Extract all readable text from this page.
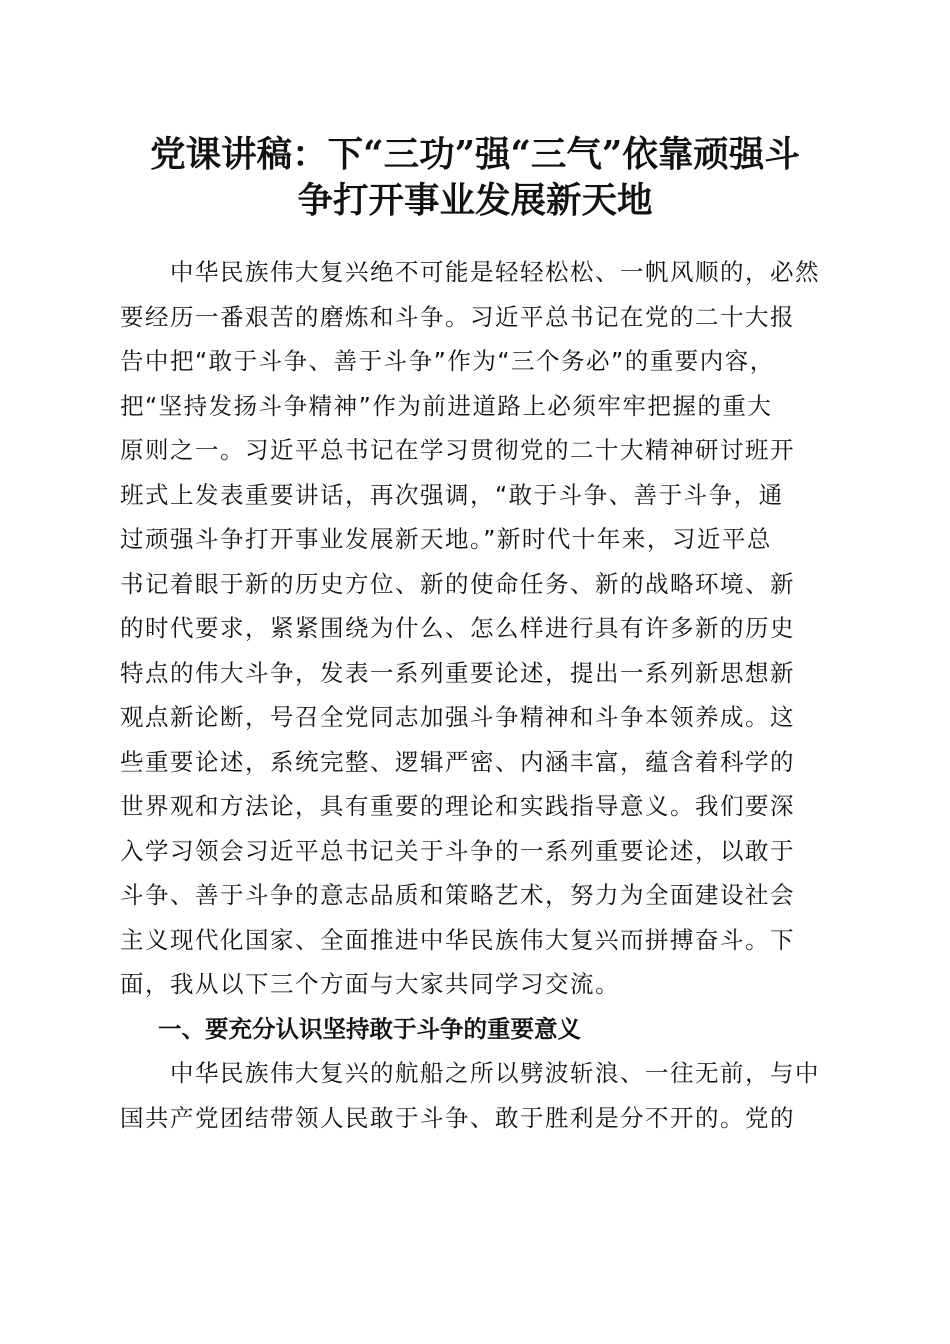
党课讲稿：下“三功”强“三气”依靠顽强斗
争打开事业发展新天地
　　中华民族伟大复兴绝不可能是轻轻松松、一帆风顺的，必然
要经历一番艰苦的磨炼和斗争。习近平总书记在党的二十大报
告中把“敢于斗争、善于斗争”作为“三个务必”的重要内容，
把“坚持发扬斗争精神”作为前进道路上必须牢牢把握的重大
原则之一。习近平总书记在学习贯彻党的二十大精神研讨班开
班式上发表重要讲话，再次强调，“敢于斗争、善于斗争，通
过顽强斗争打开事业发展新天地。”新时代十年来，习近平总
书记着眼于新的历史方位、新的使命任务、新的战略环境、新
的时代要求，紧紧围绕为什么、怎么样进行具有许多新的历史
特点的伟大斗争，发表一系列重要论述，提出一系列新思想新
观点新论断，号召全党同志加强斗争精神和斗争本领养成。这
些重要论述，系统完整、逻辑严密、内涵丰富，蕴含着科学的
世界观和方法论，具有重要的理论和实践指导意义。我们要深
入学习领会习近平总书记关于斗争的一系列重要论述，以敢于
斗争、善于斗争的意志品质和策略艺术，努力为全面建设社会
主义现代化国家、全面推进中华民族伟大复兴而拼搏奋斗。下
面，我从以下三个方面与大家共同学习交流。
一、要充分认识坚持敢于斗争的重要意义
　　中华民族伟大复兴的航船之所以劈波斩浪、一往无前，与中
国共产党团结带领人民敢于斗争、敢于胜利是分不开的。党的
